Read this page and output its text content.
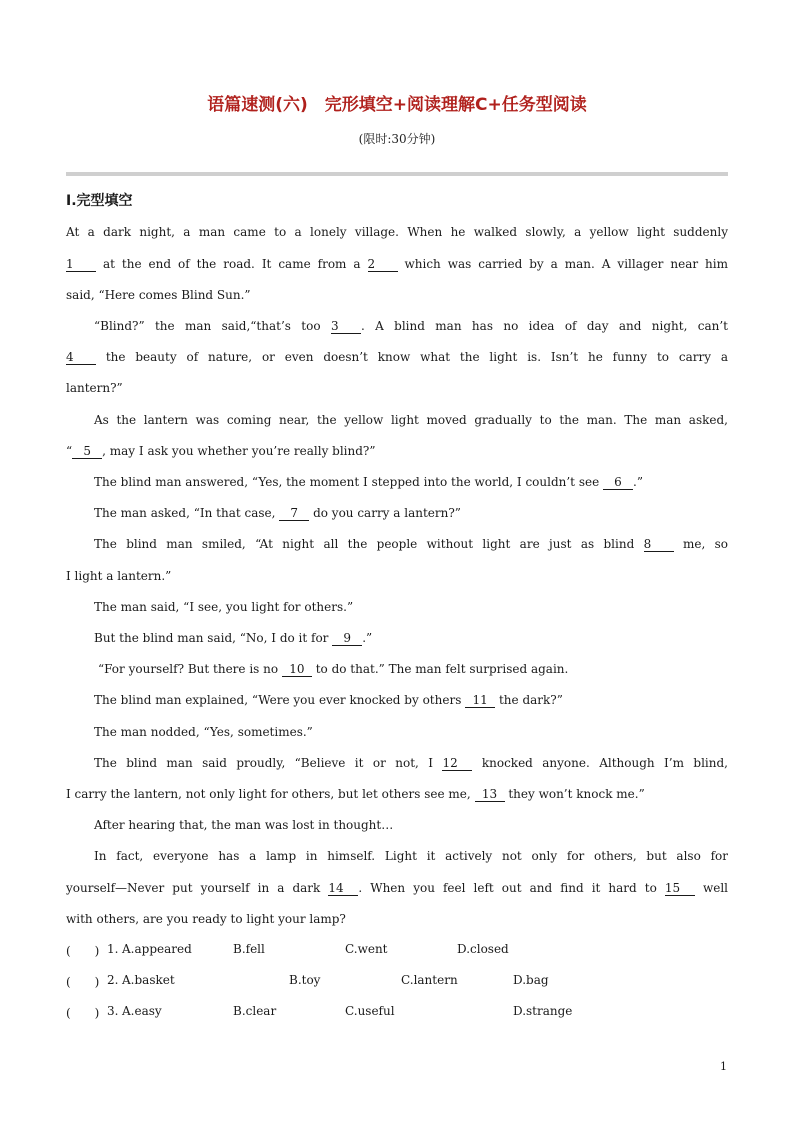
语篇速测(六)　完形填空+阅读理解C+任务型阅读
(限时:30分钟)
Ⅰ.完型填空
At a dark night, a man came to a lonely village. When he walked slowly, a yellow light suddenly
1 at the end of the road. It came from a 2 which was carried by a man. A villager near him
said, “Here comes Blind Sun.”
“Blind?” the man said,“that’s too 3 . A blind man has no idea of day and night, can’t
4 the beauty of nature, or even doesn’t know what the light is. Isn’t he funny to carry a
lantern?”
As the lantern was coming near, the yellow light moved gradually to the man. The man asked,
“ 5 , may I ask you whether you’re really blind?”
The blind man answered, “Yes, the moment I stepped into the world, I couldn’t see 6 .”
The man asked, “In that case, 7 do you carry a lantern?”
The blind man smiled, “At night all the people without light are just as blind 8 me, so
I light a lantern.”
The man said, “I see, you light for others.”
But the blind man said, “No, I do it for 9 .”
“For yourself? But there is no 10 to do that.” The man felt surprised again.
The blind man explained, “Were you ever knocked by others 11 the dark?”
The man nodded, “Yes, sometimes.”
The blind man said proudly, “Believe it or not, I 12 knocked anyone. Although I’m blind,
I carry the lantern, not only light for others, but let others see me, 13 they won’t knock me.”
After hearing that, the man was lost in thought…
In fact, everyone has a lamp in himself. Light it actively not only for others, but also for
yourself—Never put yourself in a dark 14 . When you feel left out and find it hard to 15 well
with others, are you ready to light your lamp?
(　　) 1. A.appeared	B.fell	C.went	D.closed
(　　) 2. A.basket	B.toy	C.lantern	D.bag
(　　) 3. A.easy	B.clear	C.useful	D.strange
1
